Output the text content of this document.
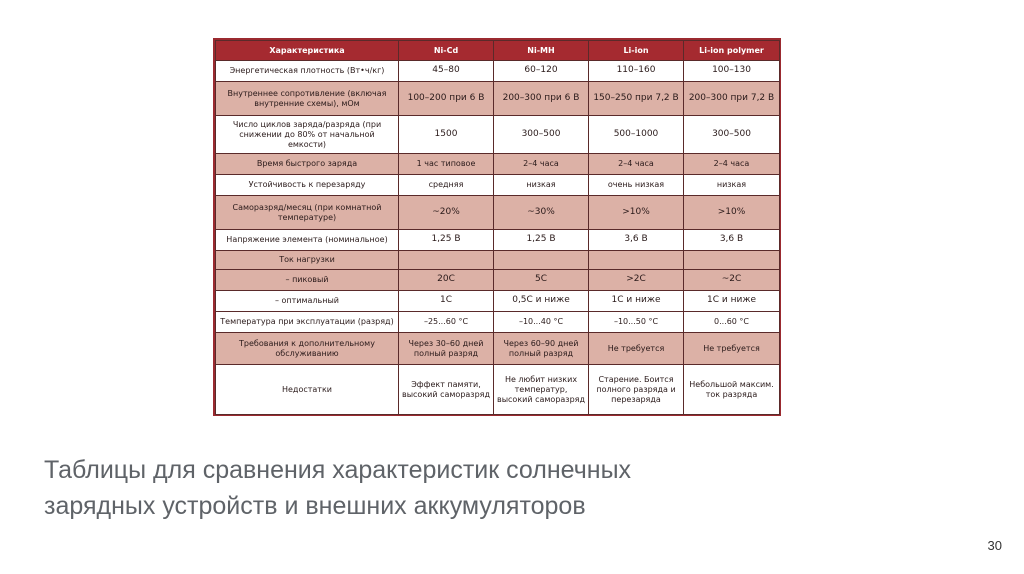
Характеристика	Ni-Cd	Ni-MH	Li-ion	Li-ion polymer
Энергетическая плотность (Вт•ч/кг)	45–80	60–120	110–160	100–130
Внутреннее сопротивление (включая внутренние схемы), мОм	100–200 при 6 В	200–300 при 6 В	150–250 при 7,2 В	200–300 при 7,2 В
Число циклов заряда/разряда (при снижении до 80% от начальной емкости)	1500	300–500	500–1000	300–500
Время быстрого заряда	1 час типовое	2–4 часа	2–4 часа	2–4 часа
Устойчивость к перезаряду	средняя	низкая	очень низкая	низкая
Саморазряд/месяц (при комнатной температуре)	~20%	~30%	>10%	>10%
Напряжение элемента (номинальное)	1,25 В	1,25 В	3,6 В	3,6 В
Ток нагрузки				
– пиковый	20C	5C	>2C	~2C
– оптимальный	1C	0,5C и ниже	1C и ниже	1C и ниже
Температура при эксплуатации (разряд)	–25...60 °C	–10...40 °C	–10...50 °C	0...60 °C
Требования к дополнительному обслуживанию	Через 30–60 дней полный разряд	Через 60–90 дней полный разряд	Не требуется	Не требуется
Недостатки	Эффект памяти, высокий саморазряд	Не любит низких температур, высокий саморазряд	Старение. Боится полного разряда и перезаряда	Небольшой максим. ток разряда
Таблицы для сравнения характеристик солнечных зарядных устройств и внешних аккумуляторов
30
